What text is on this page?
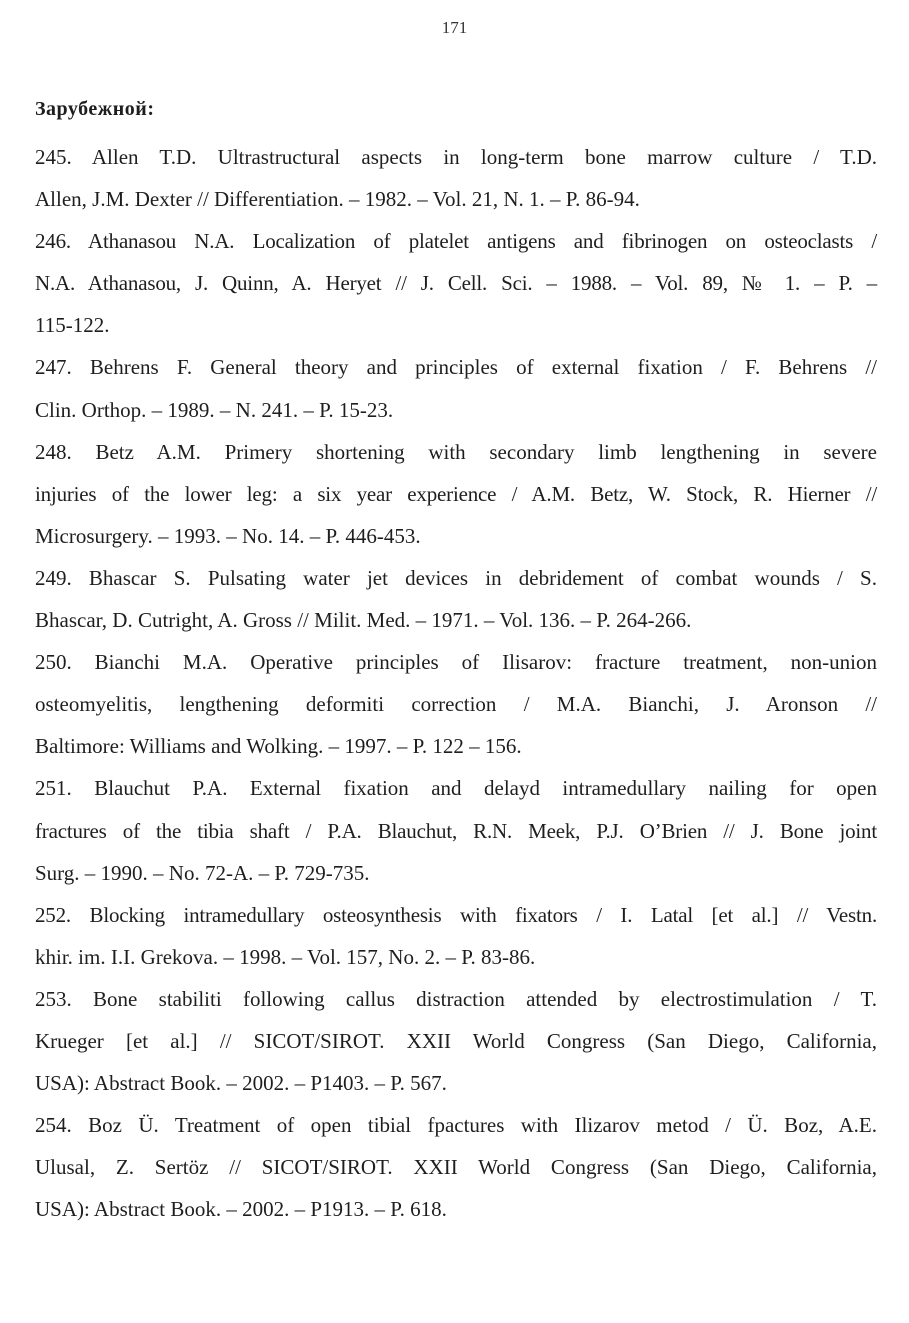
171
Зарубежной:
245. Allen T.D. Ultrastructural aspects in long-term bone marrow culture / T.D.
Allen, J.M. Dexter // Differentiation. – 1982. – Vol. 21, N. 1. – P. 86-94.
246. Athanasou N.A. Localization of platelet antigens and fibrinogen on osteoclasts /
N.A. Athanasou, J. Quinn, A. Heryet // J. Cell. Sci. – 1988. – Vol. 89, № 1. – P. –
115-122.
247. Behrens F. General theory and principles of external fixation / F. Behrens //
Clin. Orthop. – 1989. – N. 241. – P. 15-23.
248. Betz A.M. Primery shortening with secondary limb lengthening in severe
injuries of the lower leg: a six year experience / A.M. Betz, W. Stock, R. Hierner //
Microsurgery. – 1993. – No. 14. – P. 446-453.
249. Bhascar S. Pulsating water jet devices in debridement of combat wounds / S.
Bhascar, D. Cutright, A. Gross // Milit. Med. – 1971. – Vol. 136. – P. 264-266.
250. Bianchi M.A. Operative principles of Ilisarov: fracture treatment, non-union
osteomyelitis, lengthening deformiti correction / M.A. Bianchi, J. Aronson //
Baltimore: Williams and Wolking. – 1997. – P. 122 – 156.
251. Blauchut P.A. External fixation and delayd intramedullary nailing for open
fractures of the tibia shaft / P.A. Blauchut, R.N. Meek, P.J. O’Brien // J. Bone joint
Surg. – 1990. – No. 72-A. – P. 729-735.
252. Blocking intramedullary osteosynthesis with fixators / I. Latal [et al.] // Vestn.
khir. im. I.I. Grekova. – 1998. – Vol. 157, No. 2. – P. 83-86.
253. Bone stabiliti following callus distraction attended by electrostimulation / T.
Krueger [et al.] // SICOT/SIROT. XXII World Congress (San Diego, California,
USA): Abstract Book. – 2002. – P1403. – P. 567.
254. Boz Ü. Treatment of open tibial fpactures with Ilizarov metod / Ü. Boz, A.E.
Ulusal, Z. Sertöz // SICOT/SIROT. XXII World Congress (San Diego, California,
USA): Abstract Book. – 2002. – P1913. – P. 618.
